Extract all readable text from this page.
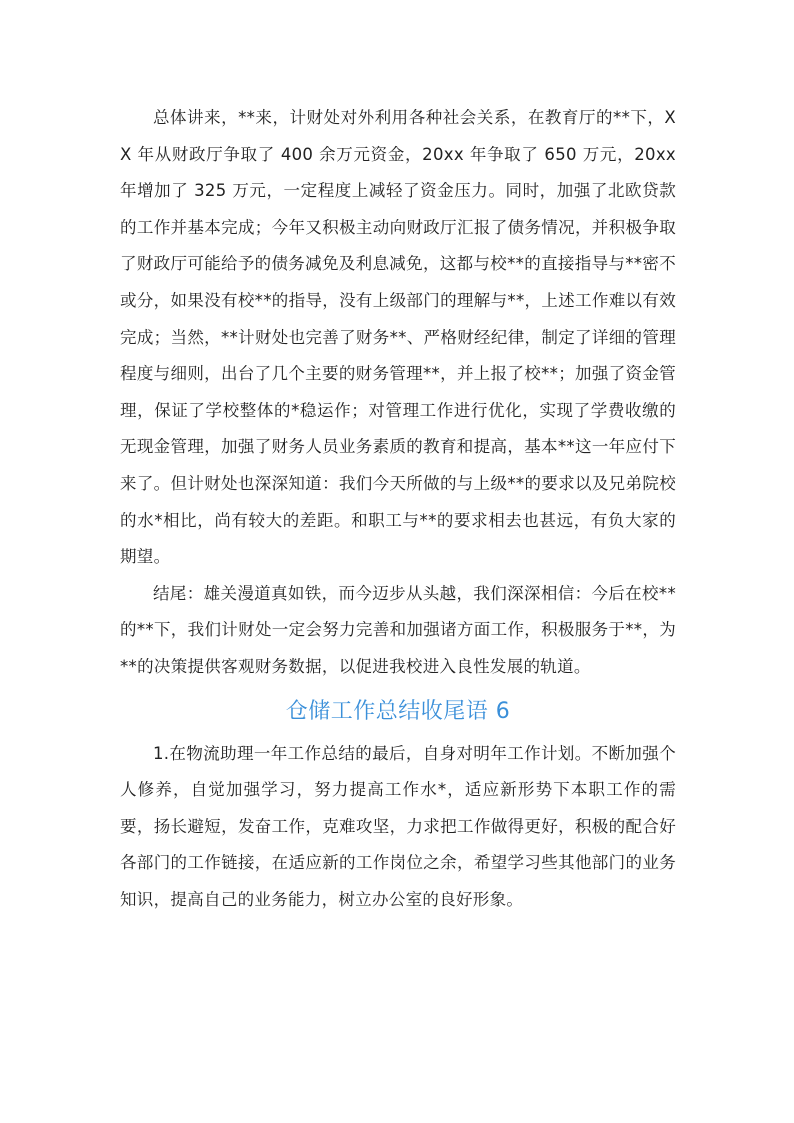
总体讲来，**来，计财处对外利用各种社会关系，在教育厅的**下，XX 年从财政厅争取了 400 余万元资金，20xx 年争取了 650 万元，20xx 年增加了 325 万元，一定程度上减轻了资金压力。同时，加强了北欧贷款的工作并基本完成；今年又积极主动向财政厅汇报了债务情况，并积极争取了财政厅可能给予的债务减免及利息减免，这都与校**的直接指导与**密不或分，如果没有校**的指导，没有上级部门的理解与**，上述工作难以有效完成；当然，**计财处也完善了财务**、严格财经纪律，制定了详细的管理程度与细则，出台了几个主要的财务管理**，并上报了校**；加强了资金管理，保证了学校整体的*稳运作；对管理工作进行优化，实现了学费收缴的无现金管理，加强了财务人员业务素质的教育和提高，基本**这一年应付下来了。但计财处也深深知道：我们今天所做的与上级**的要求以及兄弟院校的水*相比，尚有较大的差距。和职工与**的要求相去也甚远，有负大家的期望。

结尾：雄关漫道真如铁，而今迈步从头越，我们深深相信：今后在校**的**下，我们计财处一定会努力完善和加强诸方面工作，积极服务于**，为**的决策提供客观财务数据，以促进我校进入良性发展的轨道。

仓储工作总结收尾语 6

1.在物流助理一年工作总结的最后，自身对明年工作计划。不断加强个人修养，自觉加强学习，努力提高工作水*，适应新形势下本职工作的需要，扬长避短，发奋工作，克难攻坚，力求把工作做得更好，积极的配合好各部门的工作链接，在适应新的工作岗位之余，希望学习些其他部门的业务知识，提高自己的业务能力，树立办公室的良好形象。
